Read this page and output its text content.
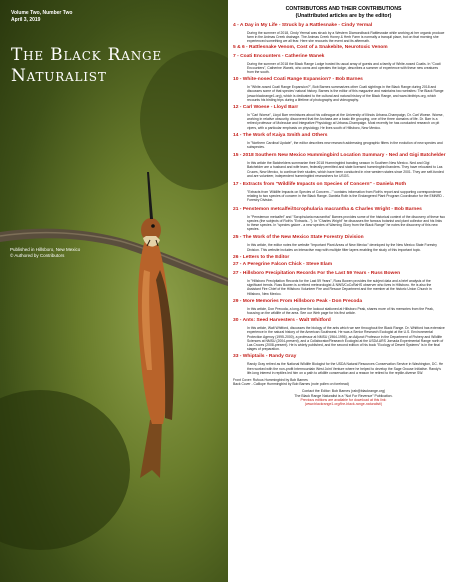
Volume Two, Number Two
April 3, 2019
The Black Range
Naturalist
Published in Hillsboro, New Mexico
© Authored by Contributors
CONTRIBUTORS AND THEIR CONTRIBUTIONS
(Unattributed articles are by the editor)
4 - A Day in My Life - Struck by a Rattlesnake - Cindy Yermal
During the summer of 2018, Cindy Yermal was struck by a Western Diamondback Rattlesnake while working at her organic produce farm in the Animas Creek drainage. The Animas Creek Honey & Herb Farm is normally a tranquil place, but on that morning she experienced something we all fear. Here she recounts the event and its aftermath.
5 & 6 - Rattlesnake Venom, Cost of a Snakebite, Neurotoxic Venom
7 - Coati Encounters - Catherine Wanek
During the summer of 2018 the Black Range Lodge hosted its usual array of guests and a family of White-nosed Coatis. In "Coati Encounters", Catherine Wanek, who owns and operates the lodge, describes a summer of experience with these new creatures from the south.
10 - White-nosed Coati Range Expansion? - Bob Barnes
In "White-nosed Coati Range Expansion?", Bob Barnes summarizes other Coati sightings in the Black Range during 2018 and discusses some of that species' natural history. Barnes is the editor of this magazine and maintains two websites: The Black Range (www.blackrange1.org), which is dedicated to the cultural and natural history of the Black Range, and www.birdtrips.org, which recounts his birding trips during a lifetime of photography and videography.
12 - Carl Woese - Lloyd Barr
In "Carl Woese", Lloyd Barr reminisces about his colleague at the University of Illinois Urbana-Champaign, Dr. Carl Woese. Woese, working in relative obscurity, discovered that the Archaea are a basic life grouping, one of the three domains of life. Dr. Barr is a retired professor of Molecular and Integrative Physiology at Urbana-Champaign. Most recently he has conducted research on pit vipers, with a particular emphasis on physiology. He lives south of Hillsboro, New Mexico.
14 - The Work of Kaiya Smith and Others
In "Northern Cardinal Update", the editor describes new research addressing geographic filters in the evolution of new species and subspecies.
15 - 2018 Southern New Mexico Hummingbird Location Summary - Ned and Gigi Batchelder
In this article the Batchelders summarize their 2018 Hummingbird banding season in Southern New Mexico. Ned and Gigi Batchelder are a husband and wife team, federally permitted and state licensed hummingbird banders. They have relocated to Las Cruces, New Mexico, to continue their studies, which have been conducted in nine western states since 2001. They are self-funded and are volunteer, independent hummingbird researchers for USGS.
17 - Extracts from "Wildlife Impacts on Species of Concern" - Daniela Roth
"Extracts from 'Wildlife Impacts on Species of Concern...'" contains information from Roth's report and supporting correspondence relating to two species of concern in the Black Range. Daniela Roth is the Endangered Plant Program Coordinator for the EMNRD - Forestry Division.
21 - Penstemon metcalfei/Scrophularia macrantha & Charles Wright - Bob Barnes
In "Penstemon metcalfei" and "Scrophularia macrantha" Barnes provides some of the historical context of the discovery of these two species (the subjects of Roth's "Extracts..."). In "Charles Wright" he discusses the famous botanist and plant collector and his links to these species. In "species galore - a new species of Warning Glory from the Black Range" he notes the discovery of this new species.
25 - The Work of the New Mexico State Forestry Division
In this article, the editor notes the website "Important Plant Areas of New Mexico" developed by the New Mexico State Forestry Division. This website includes an interactive map with multiple filter layers enabling the study of this important topic.
26 - Letters to the Editor
27 - A Peregrine Falcon Chick - Steve Elam
27 - Hillsboro Precipitation Records For the Last 59 Years - Russ Bowen
In "Hillsboro Precipitation Records for the Last 59 Years", Russ Bowen provides the subject data and a brief analysis of the significant trends. Russ Bowen is a retired meteorologist & NWS/CoCoRaHS observer who lives in Hillsboro. He is also the Assistant Fire Chief of the Hillsboro Volunteer Fire and Rescue Department and the member at the historic Union Church in Hillsboro, New Mexico.
29 - More Memories From Hillsboro Peak - Don Precoda
In this article, Don Precoda, a long-time fire lookout stationed at Hillsboro Peak, shares more of his memories from the Peak, focusing on the wildlife of the area. See our Web page for his first article.
30 - Ants: Seed Harvesters - Walt Whitford
In this article, Walt Whitford, discusses the biology of the ants which we see throughout the Black Range. Dr. Whitford has extensive experience in the natural history of the American Southwest. He was a Senior Research Ecologist at the U.S. Environmental Protection Agency (1995-2000), a professor at NMSU (1964-1995), an Adjunct Professor in the Department of Fishery and Wildlife Sciences at NMSU (2004-present), and a Collaborator/Research Ecologist at the USDA ARS Jornada Experimental Range north of Las Cruces (2008-present). He is widely published, and the second edition of his book "Ecology of Desert Systems" is in the final stages of preparation.
33 - Whiptails - Randy Gray
Randy Gray retired as the National Wildlife Biologist for the USDA Natural Resources Conservation Service in Washington, DC. He then worked with the non-profit Intermountain West Joint Venture where he helped to develop the Sage Grouse Initiative. Randy's life-long interest in reptiles led him on a path to wildlife conservation and a reason he retired to the reptile-diverse SW.
Front Cover: Rufous Hummingbird by Bob Barnes
Back Cover - Calliope Hummingbird by Bob Barnes (note pollen on forehead)
Contact the Editor: Bob Barnes (rab@blackrange.org)
The Black Range Naturalist is a "Not For Revenue" Publication.
Previous editions are available for download at this link:
(www.blackrange1.org/the-black-range-naturalist/)
